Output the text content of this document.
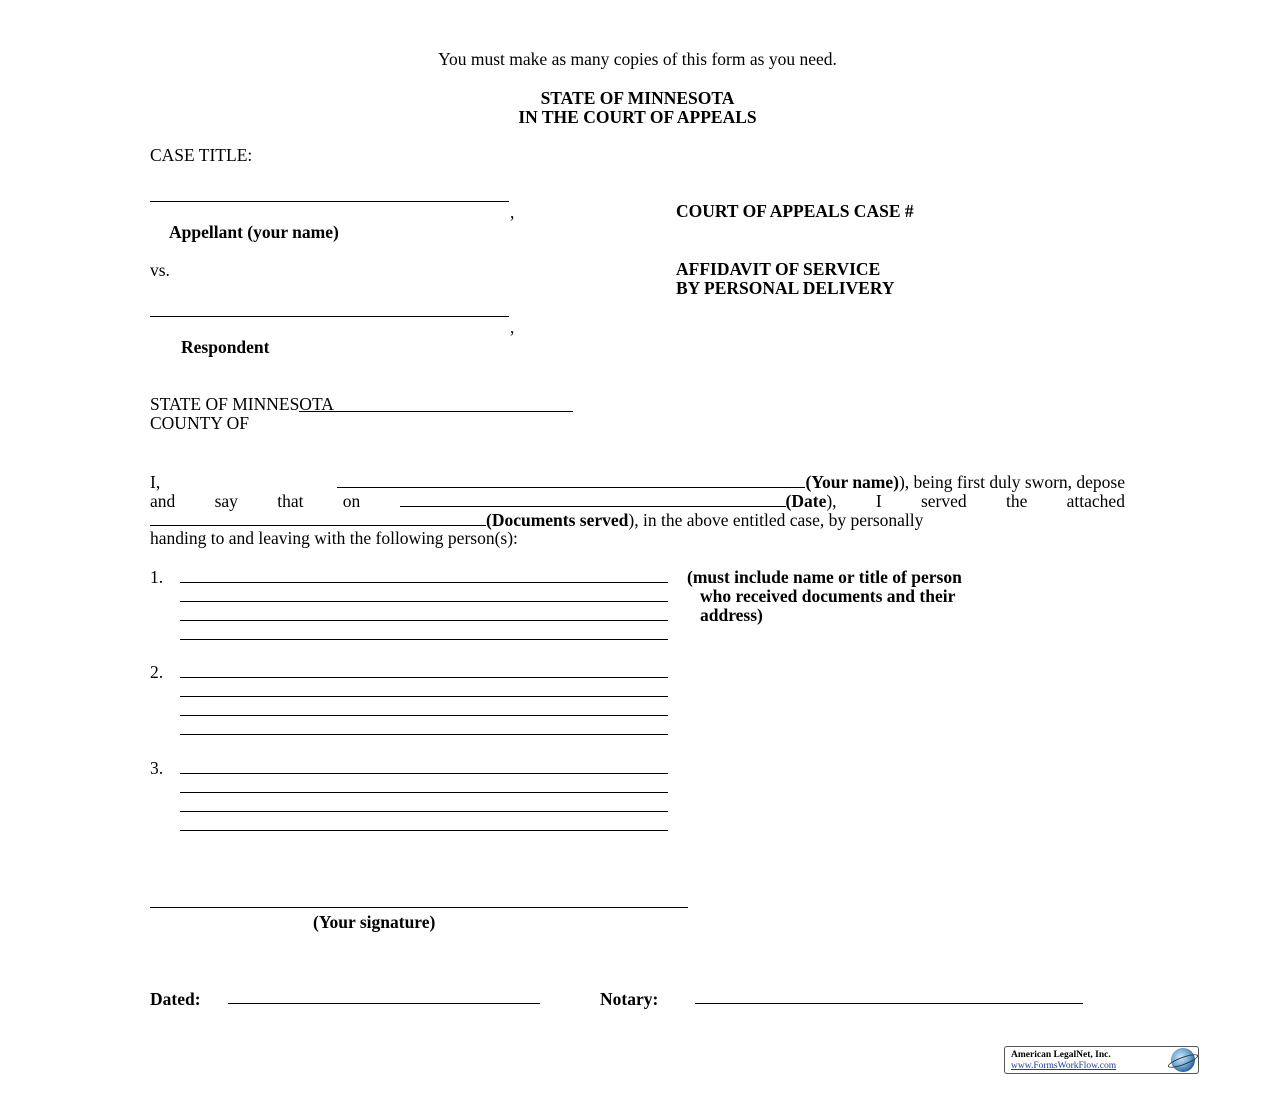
You must make as many copies of this form as you need.
STATE OF MINNESOTA
IN THE COURT OF APPEALS
CASE TITLE:
,
Appellant (your name)
COURT OF APPEALS CASE #
vs.	AFFIDAVIT OF SERVICE
BY PERSONAL DELIVERY
,
Respondent
STATE OF MINNESOTA
COUNTY OF
I,	(Your name)), being first duly sworn, depose
and say that on	(Date), I served the attached
(Documents served), in the above entitled case, by personally
handing to and leaving with the following person(s):
1.	(must include name or title of person
who received documents and their
address)
2.
3.
(Your signature)
Dated:	Notary:
American LegalNet, Inc.
www.FormsWorkFlow.com
